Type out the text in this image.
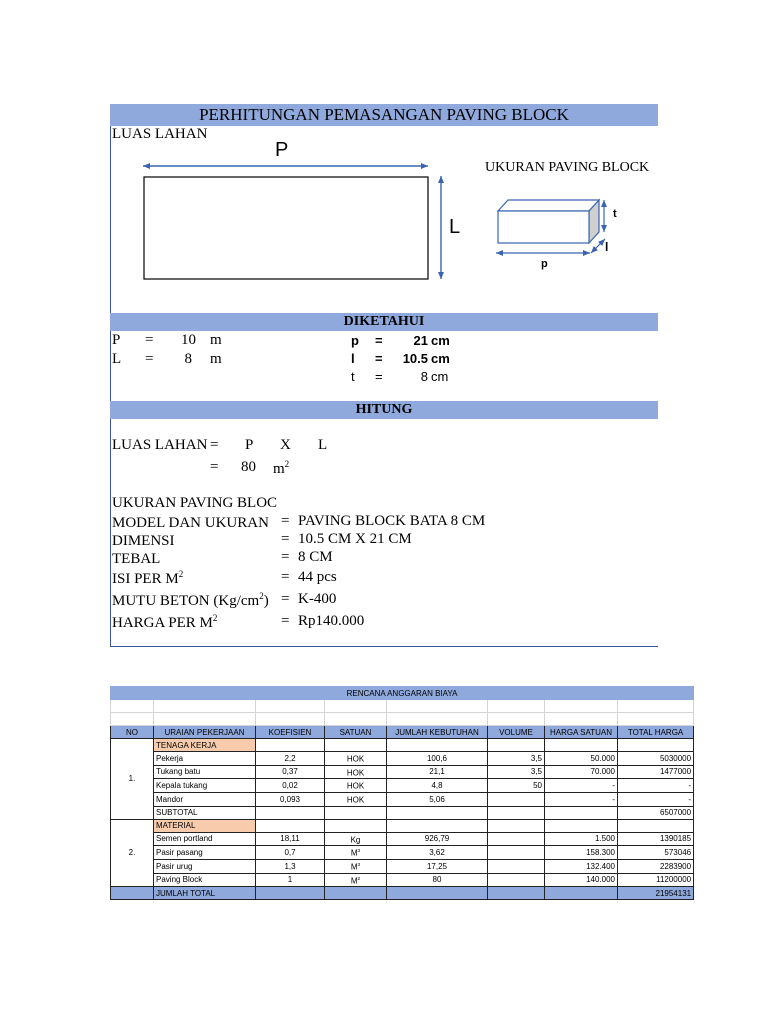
PERHITUNGAN PEMASANGAN PAVING BLOCK
LUAS LAHAN
P
L
UKURAN PAVING BLOCK
t
l
p
DIKETAHUI
P =	10 m
L =	8 m
p =	21 cm
l =	10.5 cm
t =	8 cm
HITUNG
LUAS LAHAN = P X L
= 80 $m^2$
UKURAN PAVING BLOC
MODEL DAN UKURAN = PAVING BLOCK BATA 8 CM
DIMENSI	= 10.5 CM X 21 CM
TEBAL	= 8 CM
ISI PER $M^2$	= 44 pcs
MUTU BETON $(Kg/cm^2) = K-400$
HARGA PER $M^2$	= Rp140.000
RENCANA ANGGARAN BIAYA							

NO	URAIAN PEKERJAAN	KOEFISIEN	SATUAN	JUMLAH KEBUTUHAN	VOLUME	HARGA SATUAN	TOTAL HARGA
1.	TENAGA KERJA						
	Pekerja	2,2	HOK	100,6	3,5	50.000	5030000
	Tukang batu	0,37	HOK	21,1	3,5	70.000	1477000
	Kepala tukang	0,02	HOK	4,8	50	-	-
	Mandor	0,093	HOK	5,06		-	-
	SUBTOTAL						6507000
2.	MATERIAL						
	Semen portland	18,11	Kg	926,79		1.500	1390185
	Pasir pasang	0,7	$M^3$	3,62		158.300	573046
	Pasir urug	1,3	$M^3$	17,25		132.400	2283900
	Paving Block	1	$M^2$	80		140.000	11200000
	JUMLAH TOTAL						21954131
